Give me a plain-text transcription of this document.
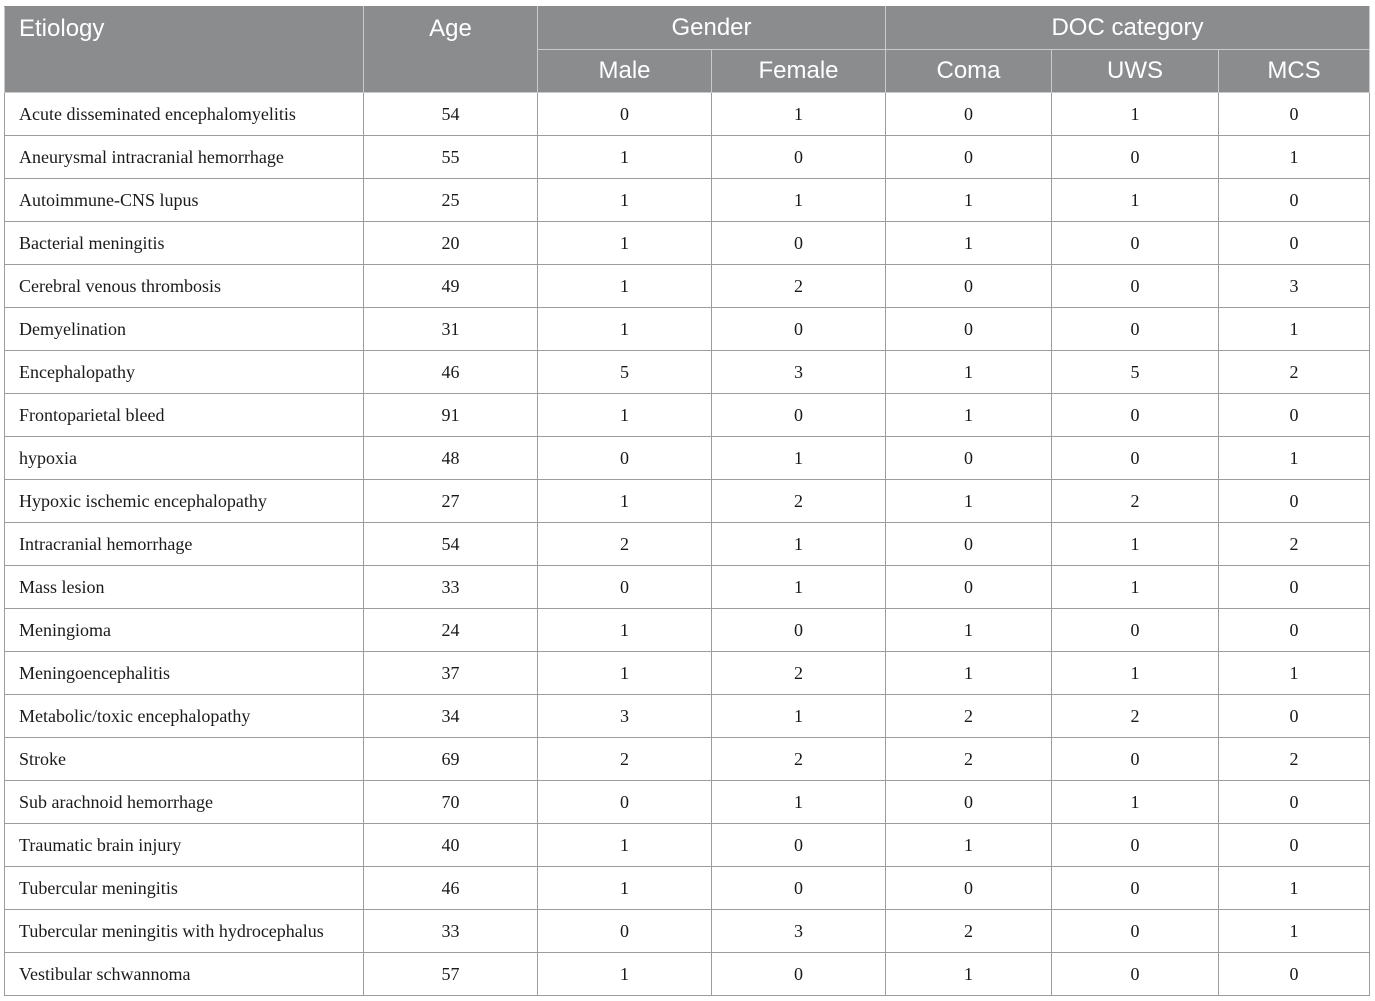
Etiology	Age	Gender		DOC category		
		Male	Female	Coma	UWS	MCS
Acute disseminated encephalomyelitis	54	0	1	0	1	0
Aneurysmal intracranial hemorrhage	55	1	0	0	0	1
Autoimmune-CNS lupus	25	1	1	1	1	0
Bacterial meningitis	20	1	0	1	0	0
Cerebral venous thrombosis	49	1	2	0	0	3
Demyelination	31	1	0	0	0	1
Encephalopathy	46	5	3	1	5	2
Frontoparietal bleed	91	1	0	1	0	0
hypoxia	48	0	1	0	0	1
Hypoxic ischemic encephalopathy	27	1	2	1	2	0
Intracranial hemorrhage	54	2	1	0	1	2
Mass lesion	33	0	1	0	1	0
Meningioma	24	1	0	1	0	0
Meningoencephalitis	37	1	2	1	1	1
Metabolic/toxic encephalopathy	34	3	1	2	2	0
Stroke	69	2	2	2	0	2
Sub arachnoid hemorrhage	70	0	1	0	1	0
Traumatic brain injury	40	1	0	1	0	0
Tubercular meningitis	46	1	0	0	0	1
Tubercular meningitis with hydrocephalus	33	0	3	2	0	1
Vestibular schwannoma	57	1	0	1	0	0
